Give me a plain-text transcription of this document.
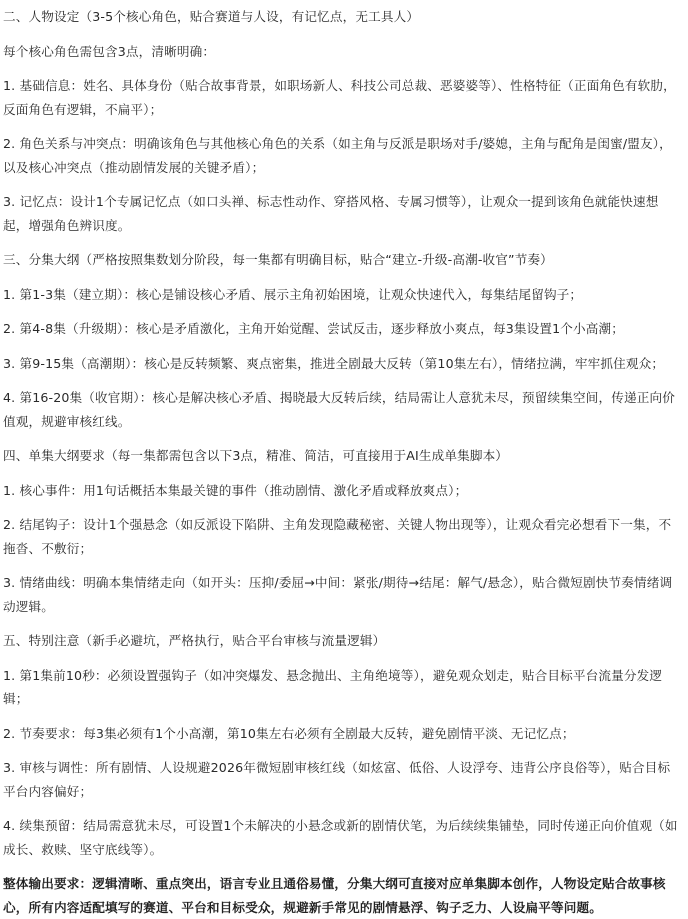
二、人物设定（3-5个核心角色，贴合赛道与人设，有记忆点，无工具人）
每个核心角色需包含3点，清晰明确：
1. 基础信息：姓名、具体身份（贴合故事背景，如职场新人、科技公司总裁、恶婆婆等）、性格特征（正面角色有软肋，反面角色有逻辑，不扁平）；
2. 角色关系与冲突点：明确该角色与其他核心角色的关系（如主角与反派是职场对手/婆媳，主角与配角是闺蜜/盟友），以及核心冲突点（推动剧情发展的关键矛盾）；
3. 记忆点：设计1个专属记忆点（如口头禅、标志性动作、穿搭风格、专属习惯等），让观众一提到该角色就能快速想起，增强角色辨识度。
三、分集大纲（严格按照集数划分阶段，每一集都有明确目标，贴合“建立-升级-高潮-收官”节奏）
1. 第1-3集（建立期）：核心是铺设核心矛盾、展示主角初始困境，让观众快速代入，每集结尾留钩子；
2. 第4-8集（升级期）：核心是矛盾激化，主角开始觉醒、尝试反击，逐步释放小爽点，每3集设置1个小高潮；
3. 第9-15集（高潮期）：核心是反转频繁、爽点密集，推进全剧最大反转（第10集左右），情绪拉满，牢牢抓住观众；
4. 第16-20集（收官期）：核心是解决核心矛盾、揭晓最大反转后续，结局需让人意犹未尽，预留续集空间，传递正向价值观，规避审核红线。
四、单集大纲要求（每一集都需包含以下3点，精准、简洁，可直接用于AI生成单集脚本）
1. 核心事件：用1句话概括本集最关键的事件（推动剧情、激化矛盾或释放爽点）；
2. 结尾钩子：设计1个强悬念（如反派设下陷阱、主角发现隐藏秘密、关键人物出现等），让观众看完必想看下一集，不拖沓、不敷衍；
3. 情绪曲线：明确本集情绪走向（如开头：压抑/委屈→中间：紧张/期待→结尾：解气/悬念），贴合微短剧快节奏情绪调动逻辑。
五、特别注意（新手必避坑，严格执行，贴合平台审核与流量逻辑）
1. 第1集前10秒：必须设置强钩子（如冲突爆发、悬念抛出、主角绝境等），避免观众划走，贴合目标平台流量分发逻辑；
2. 节奏要求：每3集必须有1个小高潮，第10集左右必须有全剧最大反转，避免剧情平淡、无记忆点；
3. 审核与调性：所有剧情、人设规避2026年微短剧审核红线（如炫富、低俗、人设浮夸、违背公序良俗等），贴合目标平台内容偏好；
4. 续集预留：结局需意犹未尽，可设置1个未解决的小悬念或新的剧情伏笔，为后续续集铺垫，同时传递正向价值观（如成长、救赎、坚守底线等）。
整体输出要求：逻辑清晰、重点突出，语言专业且通俗易懂，分集大纲可直接对应单集脚本创作，人物设定贴合故事核心，所有内容适配填写的赛道、平台和目标受众，规避新手常见的剧情悬浮、钩子乏力、人设扁平等问题。
